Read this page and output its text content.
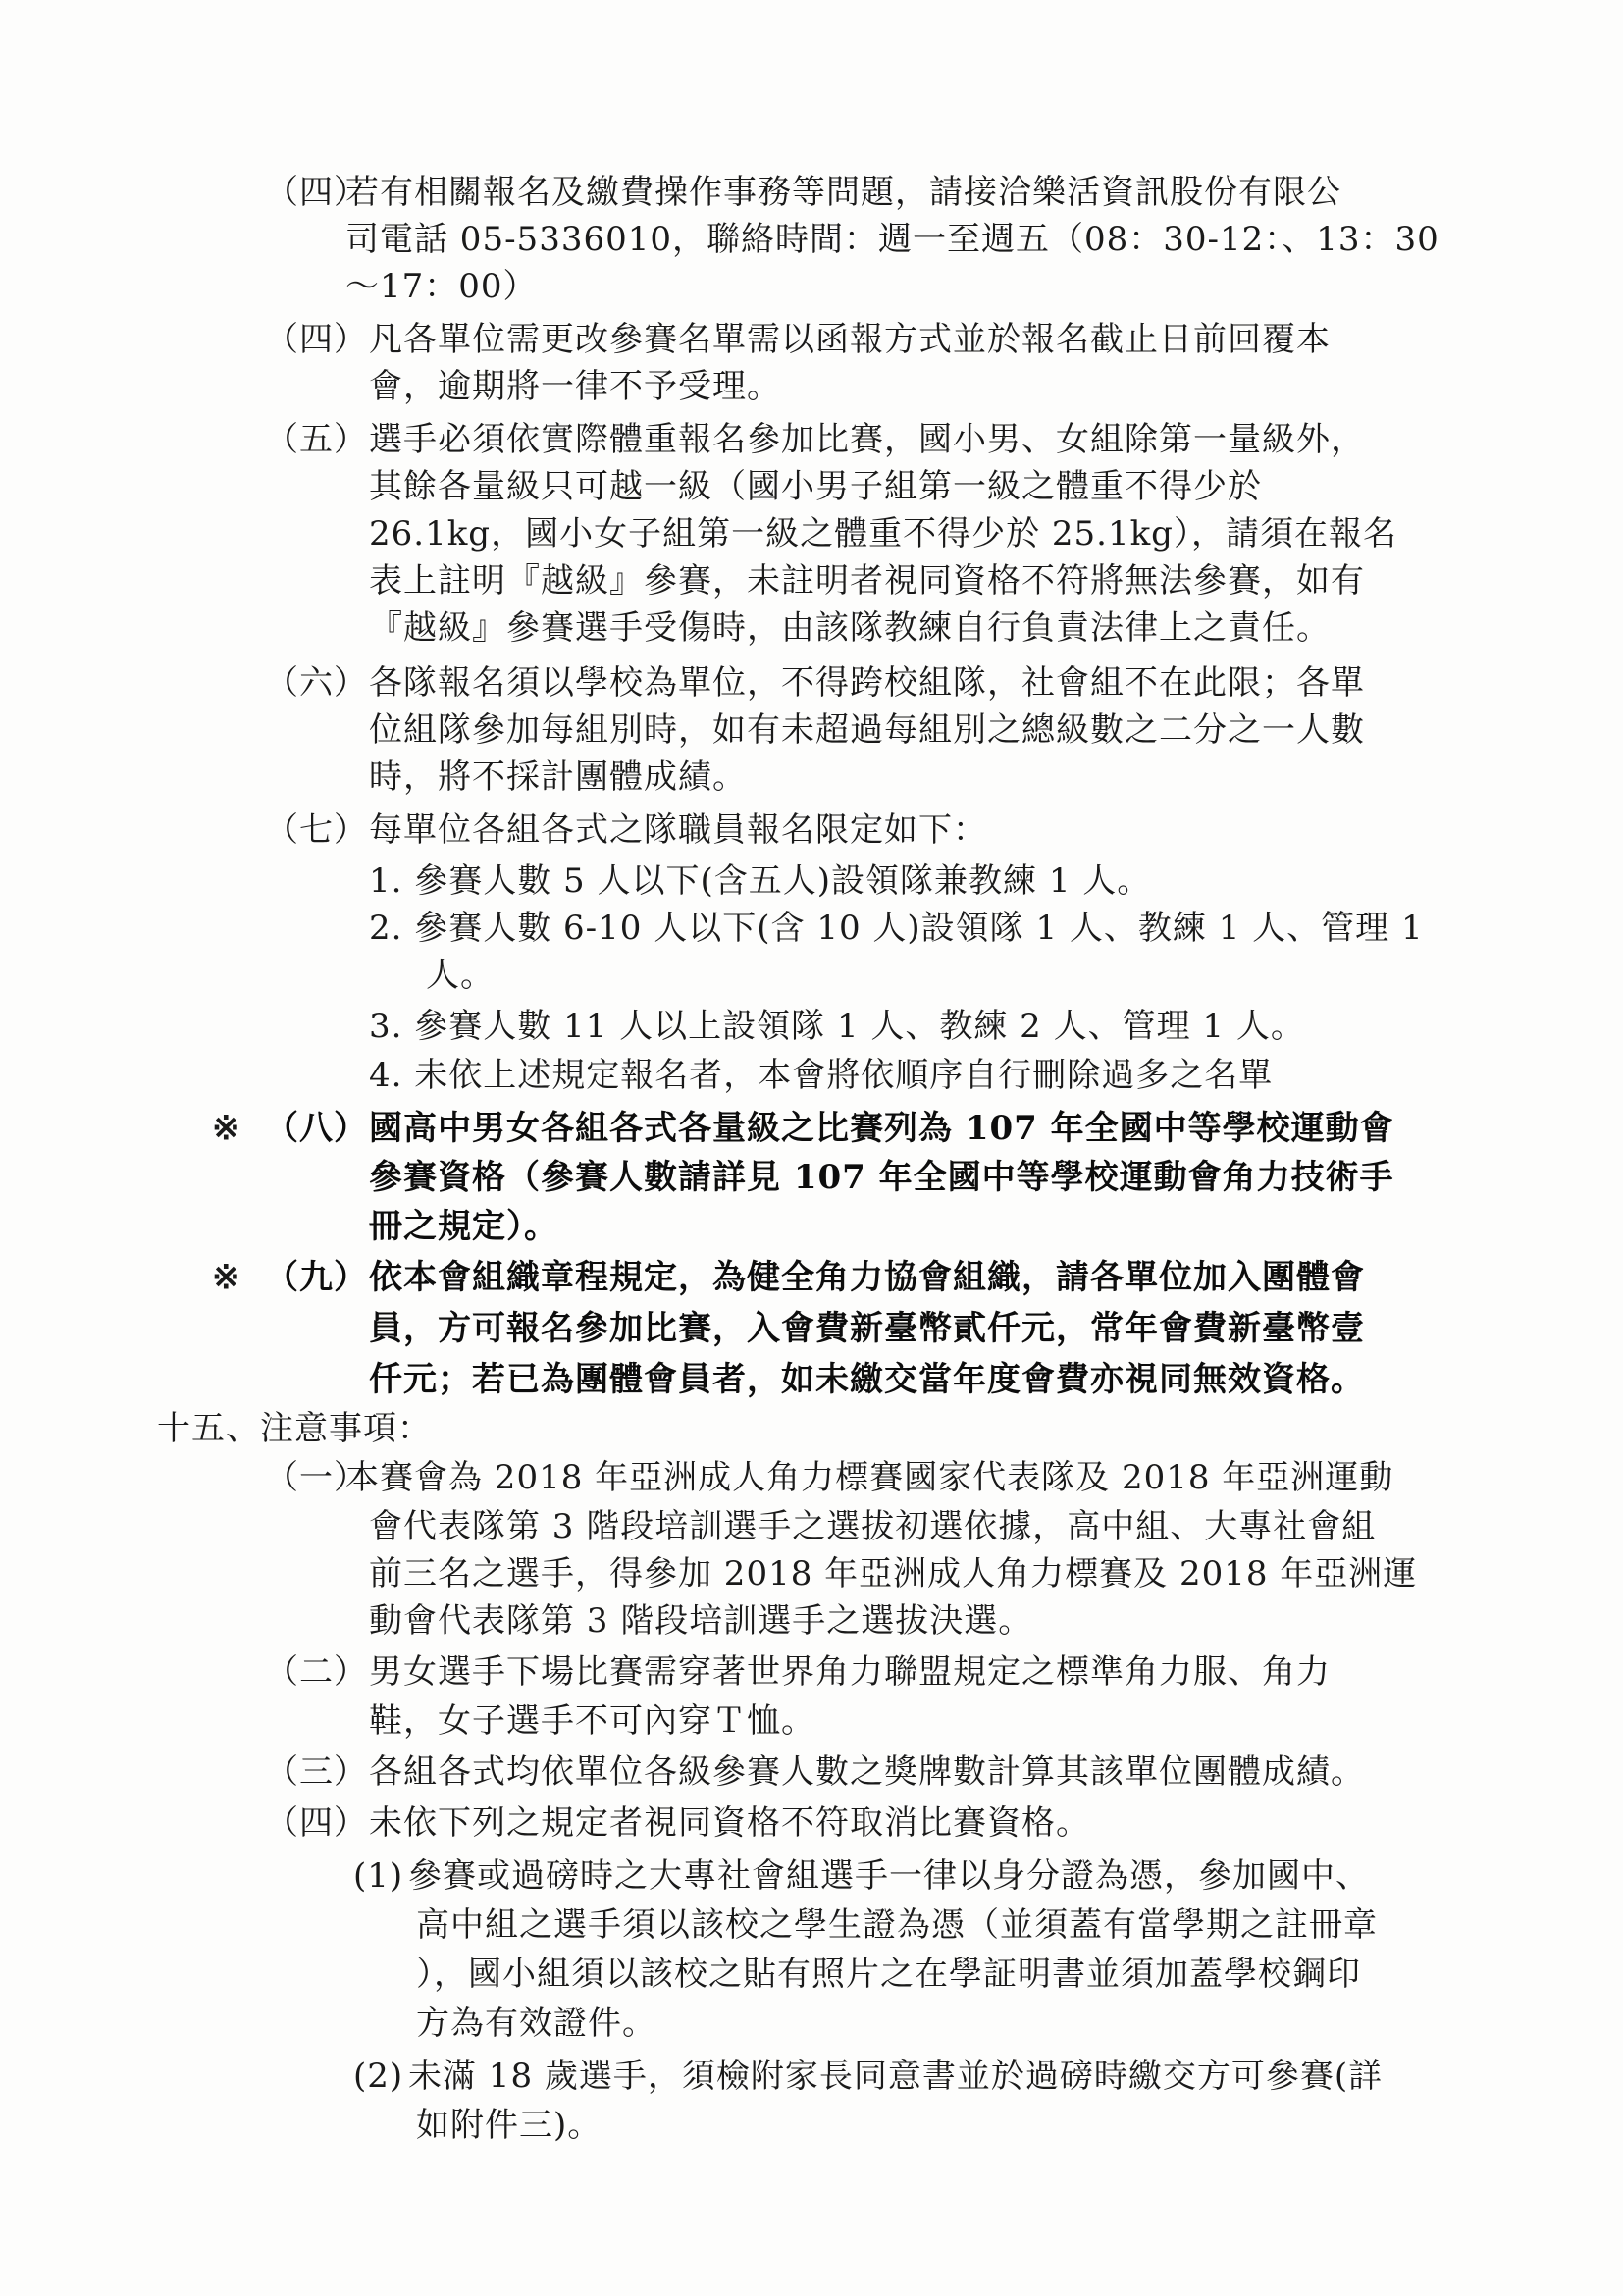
（四）
若有相關報名及繳費操作事務等問題，請接洽樂活資訊股份有限公
司電話 05-5336010，聯絡時間：週一至週五（08：30-12：、13：30
～17：00）
（四） 凡各單位需更改參賽名單需以函報方式並於報名截止日前回覆本
會，逾期將一律不予受理。
（五） 選手必須依實際體重報名參加比賽，國小男、女組除第一量級外，
其餘各量級只可越一級（國小男子組第一級之體重不得少於
26.1kg，國小女子組第一級之體重不得少於 25.1kg），請須在報名
表上註明『越級』參賽，未註明者視同資格不符將無法參賽，如有
『越級』參賽選手受傷時，由該隊教練自行負責法律上之責任。
（六） 各隊報名須以學校為單位，不得跨校組隊，社會組不在此限；各單
位組隊參加每組別時，如有未超過每組別之總級數之二分之一人數
時，將不採計團體成績。
（七） 每單位各組各式之隊職員報名限定如下：
1. 參賽人數 5 人以下(含五人)設領隊兼教練 1 人。
2. 參賽人數 6-10 人以下(含 10 人)設領隊 1 人、教練 1 人、管理 1
人。
3. 參賽人數 11 人以上設領隊 1 人、教練 2 人、管理 1 人。
4. 未依上述規定報名者，本會將依順序自行刪除過多之名單
※ （八） 國高中男女各組各式各量級之比賽列為 107 年全國中等學校運動會
參賽資格（參賽人數請詳見 107 年全國中等學校運動會角力技術手
冊之規定）。
※ （九） 依本會組織章程規定，為健全角力協會組織，請各單位加入團體會
員，方可報名參加比賽，入會費新臺幣貳仟元，常年會費新臺幣壹
仟元；若已為團體會員者，如未繳交當年度會費亦視同無效資格。
十五、注意事項：
（一）
本賽會為 2018 年亞洲成人角力標賽國家代表隊及 2018 年亞洲運動
會代表隊第 3 階段培訓選手之選拔初選依據，高中組、大專社會組
前三名之選手，得參加 2018 年亞洲成人角力標賽及 2018 年亞洲運
動會代表隊第 3 階段培訓選手之選拔決選。
（二） 男女選手下場比賽需穿著世界角力聯盟規定之標準角力服、角力
鞋，女子選手不可內穿Ｔ恤。
（三） 各組各式均依單位各級參賽人數之獎牌數計算其該單位團體成績。
（四） 未依下列之規定者視同資格不符取消比賽資格。
(1) 參賽或過磅時之大專社會組選手一律以身分證為憑，參加國中、
高中組之選手須以該校之學生證為憑（並須蓋有當學期之註冊章
），國小組須以該校之貼有照片之在學証明書並須加蓋學校鋼印
方為有效證件。
(2) 未滿 18 歲選手，須檢附家長同意書並於過磅時繳交方可參賽(詳
如附件三)。
